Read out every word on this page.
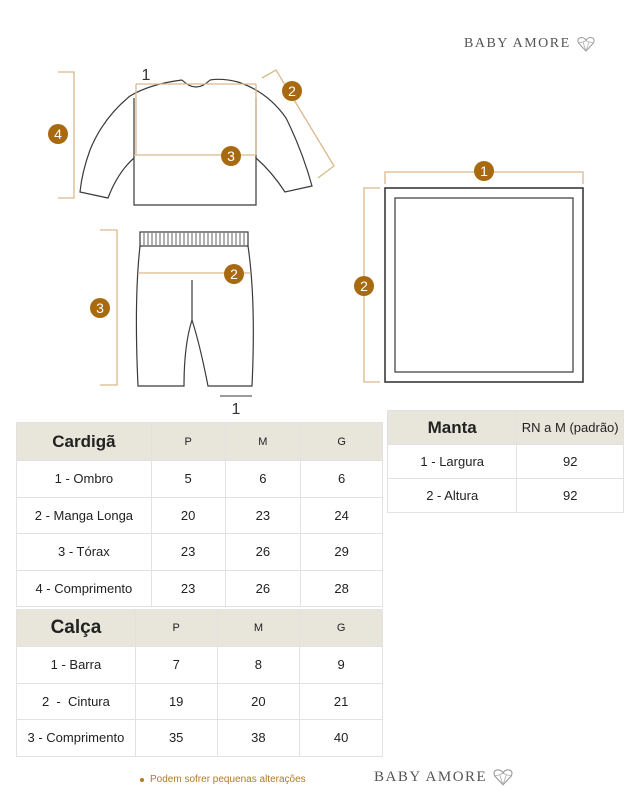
BABY AMORE
1
2
3
4
1
2
3
1
2
Cardigã	P	M	G
1 - Ombro	5	6	6
2 - Manga Longa	20	23	24
3 - Tórax	23	26	29
4 - Comprimento	23	26	28
Calça	P	M	G
1 - Barra	7	8	9
2  -  Cintura	19	20	21
3 - Comprimento	35	38	40
Manta	RN a M (padrão)
1 - Largura	92
2 - Altura	92
Podem sofrer pequenas alterações	BABY AMORE
